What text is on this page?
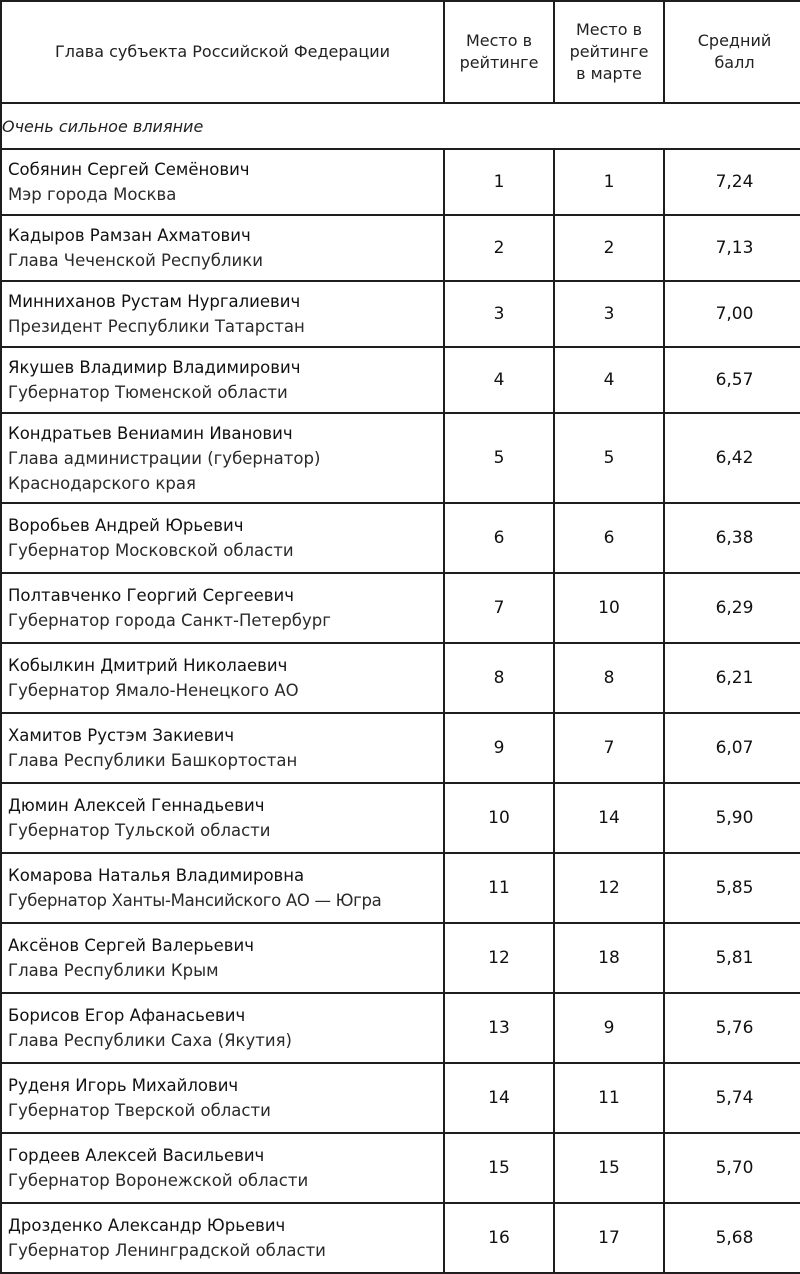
Глава субъекта Российской Федерации	Место в рейтинге	Место в рейтинге в марте	Средний балл
Очень сильное влияние			

Собянин Сергей Семёнович
Мэр города Москва	1	1	7,24

Кадыров Рамзан Ахматович
Глава Чеченской Республики	2	2	7,13

Минниханов Рустам Нургалиевич
Президент Республики Татарстан	3	3	7,00

Якушев Владимир Владимирович
Губернатор Тюменской области	4	4	6,57

Кондратьев Вениамин Иванович
Глава администрации (губернатор)
Краснодарского края	5	5	6,42

Воробьев Андрей Юрьевич
Губернатор Московской области	6	6	6,38

Полтавченко Георгий Сергеевич
Губернатор города Санкт-Петербург	7	10	6,29

Кобылкин Дмитрий Николаевич
Губернатор Ямало-Ненецкого АО	8	8	6,21

Хамитов Рустэм Закиевич
Глава Республики Башкортостан	9	7	6,07

Дюмин Алексей Геннадьевич
Губернатор Тульской области	10	14	5,90

Комарова Наталья Владимировна
Губернатор Ханты-Мансийского АО — Югра	11	12	5,85

Аксёнов Сергей Валерьевич
Глава Республики Крым	12	18	5,81

Борисов Егор Афанасьевич
Глава Республики Саха (Якутия)	13	9	5,76

Руденя Игорь Михайлович
Губернатор Тверской области	14	11	5,74

Гордеев Алексей Васильевич
Губернатор Воронежской области	15	15	5,70

Дрозденко Александр Юрьевич
Губернатор Ленинградской области	16	17	5,68
